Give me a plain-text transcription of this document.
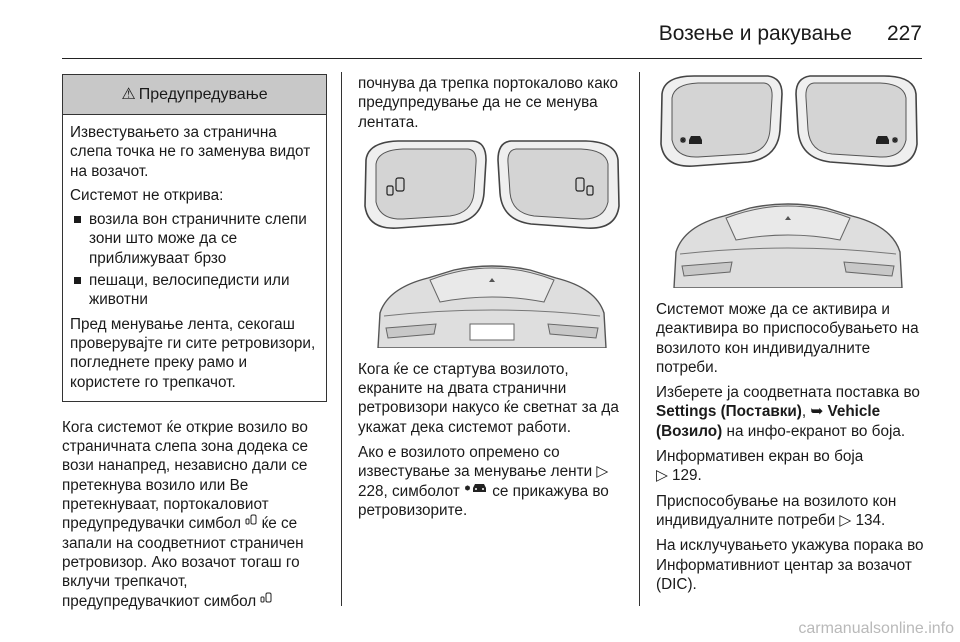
Возење и ракување 227
⚠ Предупредување

Известувањето за странична слепа точка не го заменува видот на возачот.

Системот не открива:

возила вон страничните слепи зони што може да се приближуваат брзо
пешаци, велосипедисти или животни

Пред менување лента, секогаш проверувајте ги сите ретровизори, погледнете преку рамо и користете го трепкачот.

Кога системот ќе открие возило во страничната слепа зона додека се вози нанапред, независно дали се претекнува возило или Ве претекнуваат, портокаловиот предупредувачки симбол ќе се запали на соодветниот страничен ретровизор. Ако возачот тогаш го вклучи трепкачот, предупредувачкиот симбол

почнува да трепка портокалово како предупредување да не се менува лентата.

Кога ќе се стартува возилото, екраните на двата странични ретровизори накусо ќе светнат за да укажат дека системот работи.

Ако е возилото опремено со известување за менување ленти ▷ 228, симболот се прикажува во ретровизорите.

Системот може да се активира и деактивира во приспособувањето на возилото кон индивидуалните потреби.

Изберете ја соодветната поставка во Settings (Поставки), ➥ Vehicle (Возило) на инфо-екранот во боја.

Информативен екран во боја
▷ 129.

Приспособување на возилото кон индивидуалните потреби ▷ 134.

На исклучувањето укажува порака во Информативниот центар за возачот (DIC).

carmanualsonline.info
